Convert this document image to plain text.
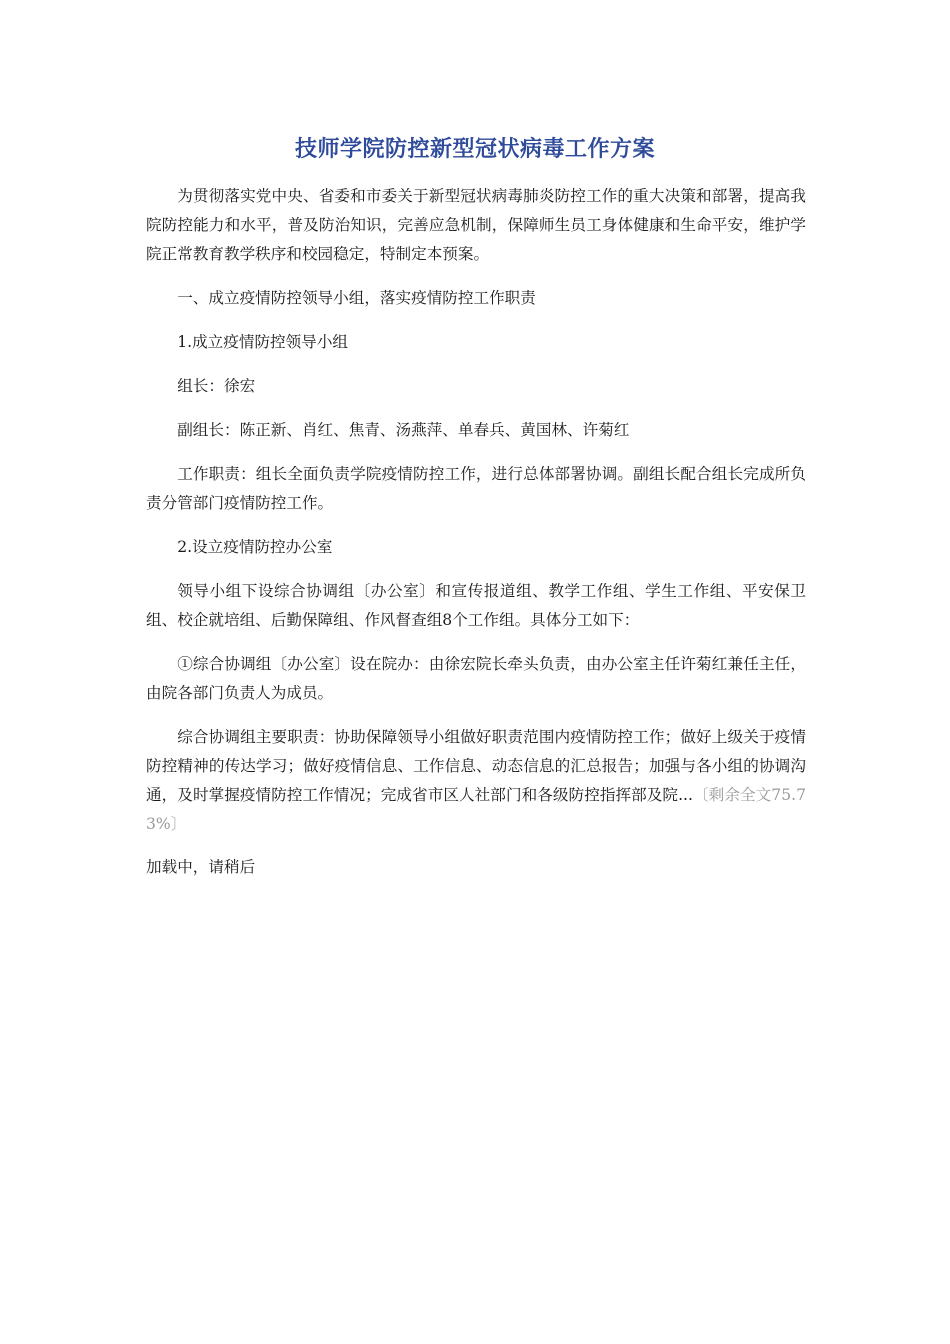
技师学院防控新型冠状病毒工作方案

为贯彻落实党中央、省委和市委关于新型冠状病毒肺炎防控工作的重大决策和部署，提高我院防控能力和水平，普及防治知识，完善应急机制，保障师生员工身体健康和生命平安，维护学院正常教育教学秩序和校园稳定，特制定本预案。

一、成立疫情防控领导小组，落实疫情防控工作职责

1.成立疫情防控领导小组

组长：徐宏

副组长：陈正新、肖红、焦青、汤燕萍、单春兵、黄国林、许菊红

工作职责：组长全面负责学院疫情防控工作，进行总体部署协调。副组长配合组长完成所负责分管部门疫情防控工作。

2.设立疫情防控办公室

领导小组下设综合协调组〔办公室〕和宣传报道组、教学工作组、学生工作组、平安保卫组、校企就培组、后勤保障组、作风督查组8个工作组。具体分工如下：

①综合协调组〔办公室〕设在院办：由徐宏院长牵头负责，由办公室主任许菊红兼任主任，由院各部门负责人为成员。

综合协调组主要职责：协助保障领导小组做好职责范围内疫情防控工作；做好上级关于疫情防控精神的传达学习；做好疫情信息、工作信息、动态信息的汇总报告；加强与各小组的协调沟通，及时掌握疫情防控工作情况；完成省市区人社部门和各级防控指挥部及院...〔剩余全文75.73%〕

加载中，请稍后
